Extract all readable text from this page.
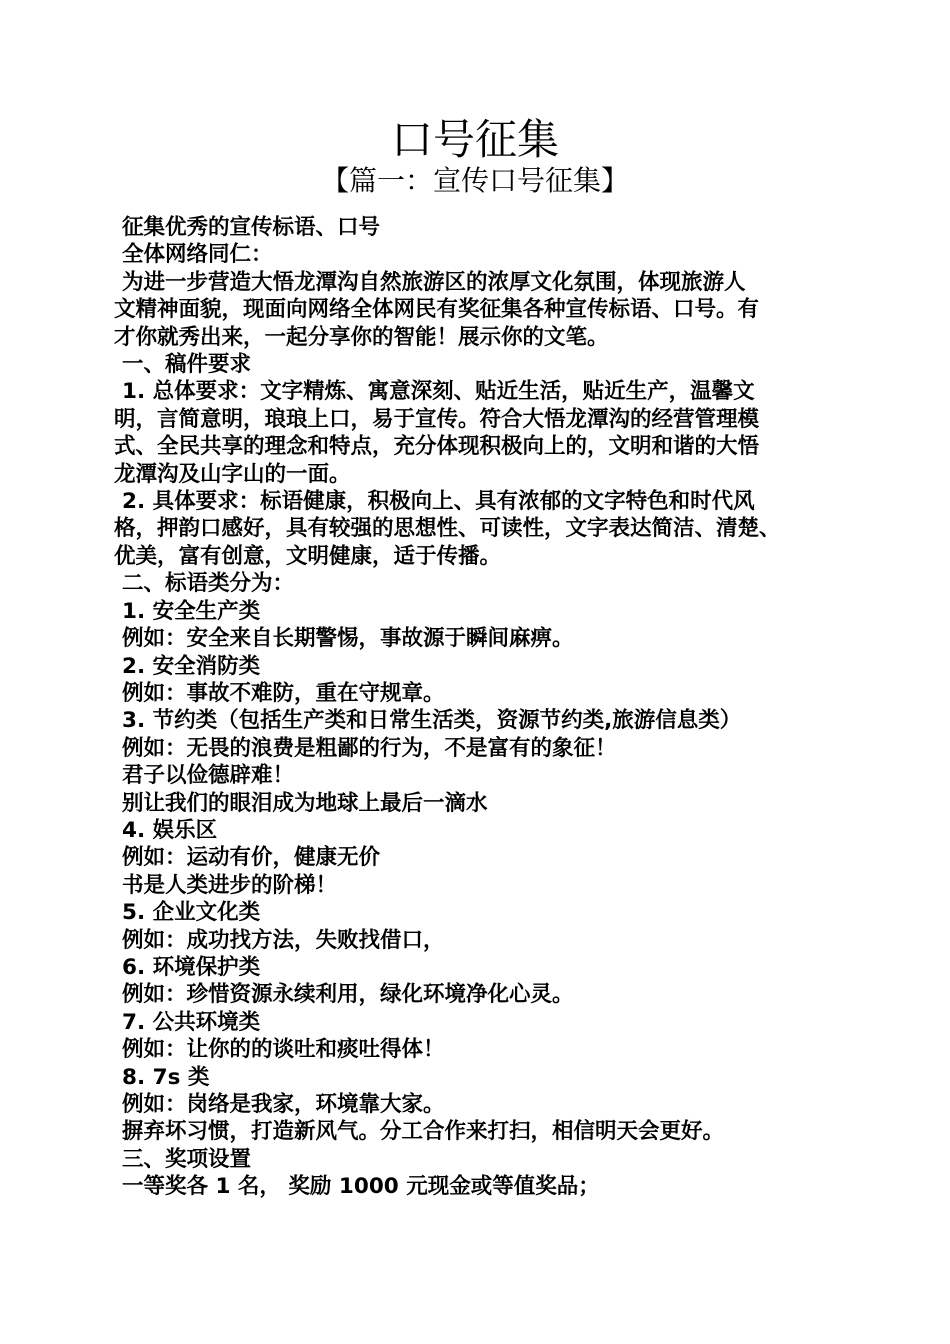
口号征集
【篇一：宣传口号征集】

征集优秀的宣传标语、口号

全体网络同仁：

为进一步营造大悟龙潭沟自然旅游区的浓厚文化氛围，体现旅游人

文精神面貌，现面向网络全体网民有奖征集各种宣传标语、口号。有

才你就秀出来，一起分享你的智能！展示你的文笔。

一、稿件要求

1. 总体要求：文字精炼、寓意深刻、贴近生活，贴近生产，温馨文

明，言简意明，琅琅上口，易于宣传。符合大悟龙潭沟的经营管理模

式、全民共享的理念和特点，充分体现积极向上的，文明和谐的大悟

龙潭沟及山字山的一面。

2. 具体要求：标语健康，积极向上、具有浓郁的文字特色和时代风

格，押韵口感好，具有较强的思想性、可读性，文字表达简洁、清楚、

优美，富有创意，文明健康，适于传播。

二、标语类分为：

1. 安全生产类

例如：安全来自长期警惕，事故源于瞬间麻痹。

2. 安全消防类

例如：事故不难防，重在守规章。

3. 节约类（包括生产类和日常生活类，资源节约类,旅游信息类）

例如：无畏的浪费是粗鄙的行为，不是富有的象征！

君子以俭德辟难！

别让我们的眼泪成为地球上最后一滴水

4. 娱乐区

例如：运动有价，健康无价

书是人类进步的阶梯！

5. 企业文化类

例如：成功找方法，失败找借口，

6. 环境保护类

例如：珍惜资源永续利用，绿化环境净化心灵。

7. 公共环境类

例如：让你的的谈吐和痰吐得体！

8. 7s 类

例如：岗络是我家，环境靠大家。

摒弃坏习惯，打造新风气。分工合作来打扫，相信明天会更好。

三、奖项设置

一等奖各 1 名， 奖励 1000 元现金或等值奖品；
